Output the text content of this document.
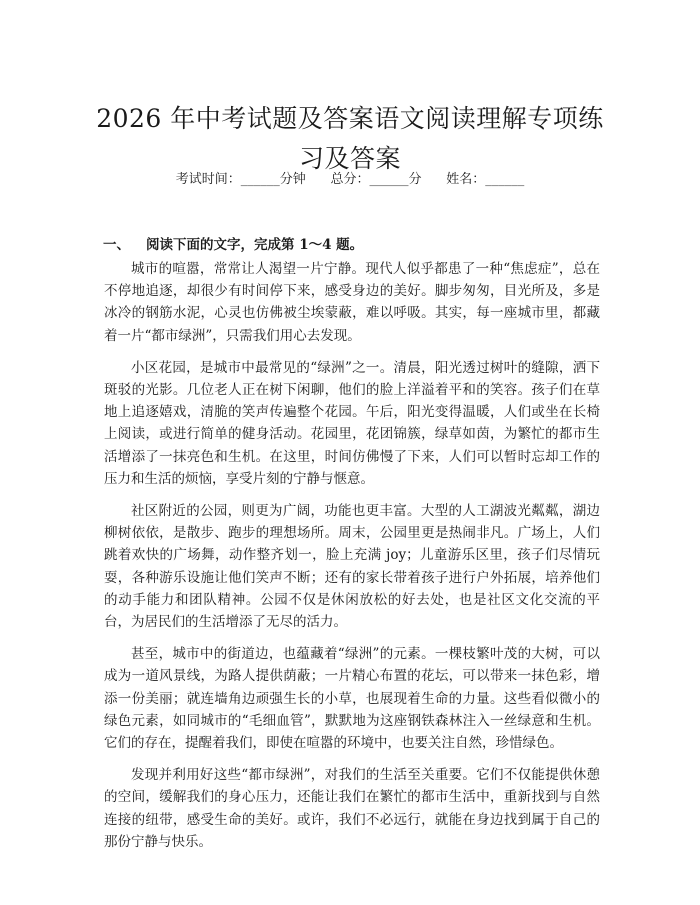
2026 年中考试题及答案语文阅读理解专项练
习及答案
考试时间：______分钟      总分：______分      姓名：______
一、 阅读下面的文字，完成第 1～4 题。

城市的喧嚣，常常让人渴望一片宁静。现代人似乎都患了一种“焦虑症”，总在不停地追逐，却很少有时间停下来，感受身边的美好。脚步匆匆，目光所及，多是冰冷的钢筋水泥，心灵也仿佛被尘埃蒙蔽，难以呼吸。其实，每一座城市里，都藏着一片“都市绿洲”，只需我们用心去发现。

小区花园，是城市中最常见的“绿洲”之一。清晨，阳光透过树叶的缝隙，洒下斑驳的光影。几位老人正在树下闲聊，他们的脸上洋溢着平和的笑容。孩子们在草地上追逐嬉戏，清脆的笑声传遍整个花园。午后，阳光变得温暖，人们或坐在长椅上阅读，或进行简单的健身活动。花园里，花团锦簇，绿草如茵，为繁忙的都市生活增添了一抹亮色和生机。在这里，时间仿佛慢了下来，人们可以暂时忘却工作的压力和生活的烦恼，享受片刻的宁静与惬意。

社区附近的公园，则更为广阔，功能也更丰富。大型的人工湖波光粼粼，湖边柳树依依，是散步、跑步的理想场所。周末，公园里更是热闹非凡。广场上，人们跳着欢快的广场舞，动作整齐划一，脸上充满 joy；儿童游乐区里，孩子们尽情玩耍，各种游乐设施让他们笑声不断；还有的家长带着孩子进行户外拓展，培养他们的动手能力和团队精神。公园不仅是休闲放松的好去处，也是社区文化交流的平台，为居民们的生活增添了无尽的活力。

甚至，城市中的街道边，也蕴藏着“绿洲”的元素。一棵枝繁叶茂的大树，可以成为一道风景线，为路人提供荫蔽；一片精心布置的花坛，可以带来一抹色彩，增添一份美丽；就连墙角边顽强生长的小草，也展现着生命的力量。这些看似微小的绿色元素，如同城市的“毛细血管”，默默地为这座钢铁森林注入一丝绿意和生机。它们的存在，提醒着我们，即使在喧嚣的环境中，也要关注自然，珍惜绿色。

发现并利用好这些“都市绿洲”，对我们的生活至关重要。它们不仅能提供休憩的空间，缓解我们的身心压力，还能让我们在繁忙的都市生活中，重新找到与自然连接的纽带，感受生命的美好。或许，我们不必远行，就能在身边找到属于自己的那份宁静与快乐。
